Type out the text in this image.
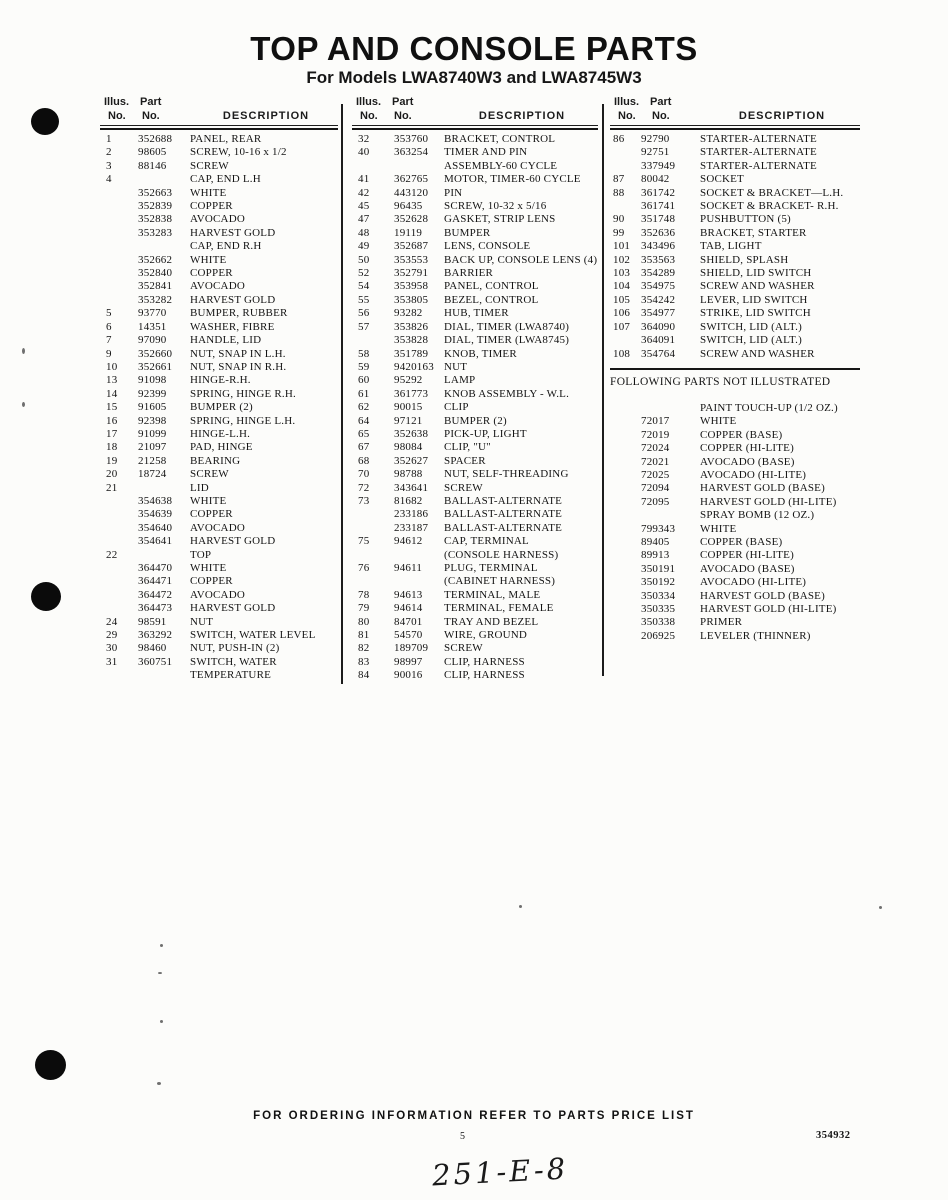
TOP AND CONSOLE PARTS
For Models LWA8740W3 and LWA8745W3
Illus. Part
No.	No.	DESCRIPTION
1	352688	PANEL, REAR
2	98605	SCREW, 10-16 x 1/2
3	88146	SCREW
4	CAP, END L.H
352663	WHITE
352839	COPPER
352838	AVOCADO
353283	HARVEST GOLD
CAP, END R.H
352662	WHITE
352840	COPPER
352841	AVOCADO
353282	HARVEST GOLD
5	93770	BUMPER, RUBBER
6	14351	WASHER, FIBRE
7	97090	HANDLE, LID
9	352660	NUT, SNAP IN L.H.
10	352661	NUT, SNAP IN R.H.
13	91098	HINGE-R.H.
14	92399	SPRING, HINGE R.H.
15	91605	BUMPER (2)
16	92398	SPRING, HINGE L.H.
17	91099	HINGE-L.H.
18	21097	PAD, HINGE
19	21258	BEARING
20	18724	SCREW
21	LID
354638	WHITE
354639	COPPER
354640	AVOCADO
354641	HARVEST GOLD
22	TOP
364470	WHITE
364471	COPPER
364472	AVOCADO
364473	HARVEST GOLD
24	98591	NUT
29	363292	SWITCH, WATER LEVEL
30	98460	NUT, PUSH-IN (2)
31	360751	SWITCH, WATER
TEMPERATURE
Illus. Part
No.	No.	DESCRIPTION
32	353760	BRACKET, CONTROL
40	363254	TIMER AND PIN
ASSEMBLY-60 CYCLE
41	362765	MOTOR, TIMER-60 CYCLE
42	443120	PIN
45	96435	SCREW, 10-32 x 5/16
47	352628	GASKET, STRIP LENS
48	19119	BUMPER
49	352687	LENS, CONSOLE
50	353553	BACK UP, CONSOLE LENS (4)
52	352791	BARRIER
54	353958	PANEL, CONTROL
55	353805	BEZEL, CONTROL
56	93282	HUB, TIMER
57	353826	DIAL, TIMER (LWA8740)
353828	DIAL, TIMER (LWA8745)
58	351789	KNOB, TIMER
59	9420163 NUT
60	95292	LAMP
61	361773	KNOB ASSEMBLY - W.L.
62	90015	CLIP
64	97121	BUMPER (2)
65	352638	PICK-UP, LIGHT
67	98084	CLIP, "U"
68	352627	SPACER
70	98788	NUT, SELF-THREADING
72	343641	SCREW
73	81682	BALLAST-ALTERNATE
233186	BALLAST-ALTERNATE
233187	BALLAST-ALTERNATE
75	94612	CAP, TERMINAL
(CONSOLE HARNESS)
76	94611	PLUG, TERMINAL
(CABINET HARNESS)
78	94613	TERMINAL, MALE
79	94614	TERMINAL, FEMALE
80	84701	TRAY AND BEZEL
81	54570	WIRE, GROUND
82	189709	SCREW
83	98997	CLIP, HARNESS
84	90016	CLIP, HARNESS
Illus. Part
No.	No.	DESCRIPTION
86	92790	STARTER-ALTERNATE
92751	STARTER-ALTERNATE
337949	STARTER-ALTERNATE
87	80042	SOCKET
88	361742	SOCKET & BRACKET—L.H.
361741	SOCKET & BRACKET- R.H.
90	351748	PUSHBUTTON (5)
99	352636	BRACKET, STARTER
101 343496	TAB, LIGHT
102 353563	SHIELD, SPLASH
103 354289	SHIELD, LID SWITCH
104 354975	SCREW AND WASHER
105 354242	LEVER, LID SWITCH
106 354977	STRIKE, LID SWITCH
107 364090	SWITCH, LID (ALT.)
364091	SWITCH, LID (ALT.)
108 354764	SCREW AND WASHER
FOLLOWING PARTS NOT ILLUSTRATED
PAINT TOUCH-UP (1/2 OZ.)
72017	WHITE
72019	COPPER (BASE)
72024	COPPER (HI-LITE)
72021	AVOCADO (BASE)
72025	AVOCADO (HI-LITE)
72094	HARVEST GOLD (BASE)
72095	HARVEST GOLD (HI-LITE)
SPRAY BOMB (12 OZ.)
799343	WHITE
89405	COPPER (BASE)
89913	COPPER (HI-LITE)
350191	AVOCADO (BASE)
350192	AVOCADO (HI-LITE)
350334	HARVEST GOLD (BASE)
350335	HARVEST GOLD (HI-LITE)
350338	PRIMER
206925	LEVELER (THINNER)
FOR ORDERING INFORMATION REFER TO PARTS PRICE LIST
5	354932
251-E-8
